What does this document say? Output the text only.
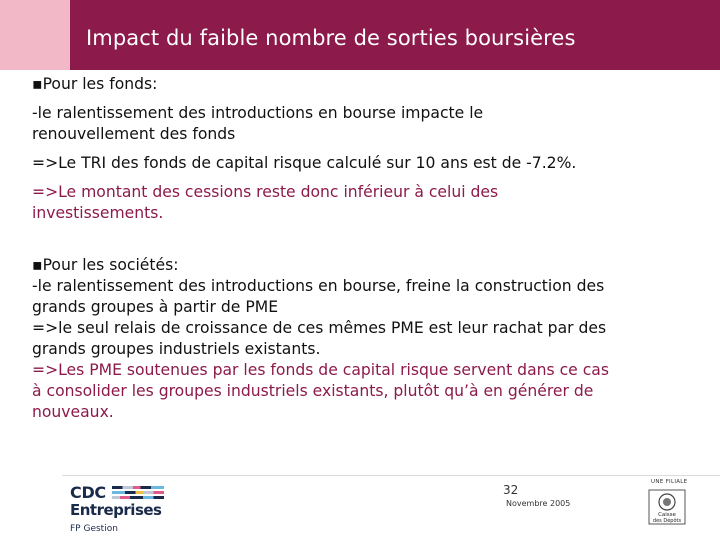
Impact du faible nombre de sorties boursières
▪Pour les fonds:
-le ralentissement des introductions en bourse impacte le
renouvellement des fonds
=>Le TRI des fonds de capital risque calculé sur 10 ans est de -7.2%.
=>Le montant des cessions reste donc inférieur à celui des
investissements.
▪Pour les sociétés:
-le ralentissement des introductions en bourse, freine la construction des
grands groupes à partir de PME
=>le seul relais de croissance de ces mêmes PME est leur rachat par des
grands groupes industriels existants.
=>Les PME soutenues par les fonds de capital risque servent dans ce cas
à consolider les groupes industriels existants, plutôt qu’à en générer de
nouveaux.
CDC
Entreprises
FP Gestion
32
Novembre 2005
UNE FILIALE
Caisse
des Dépôts
